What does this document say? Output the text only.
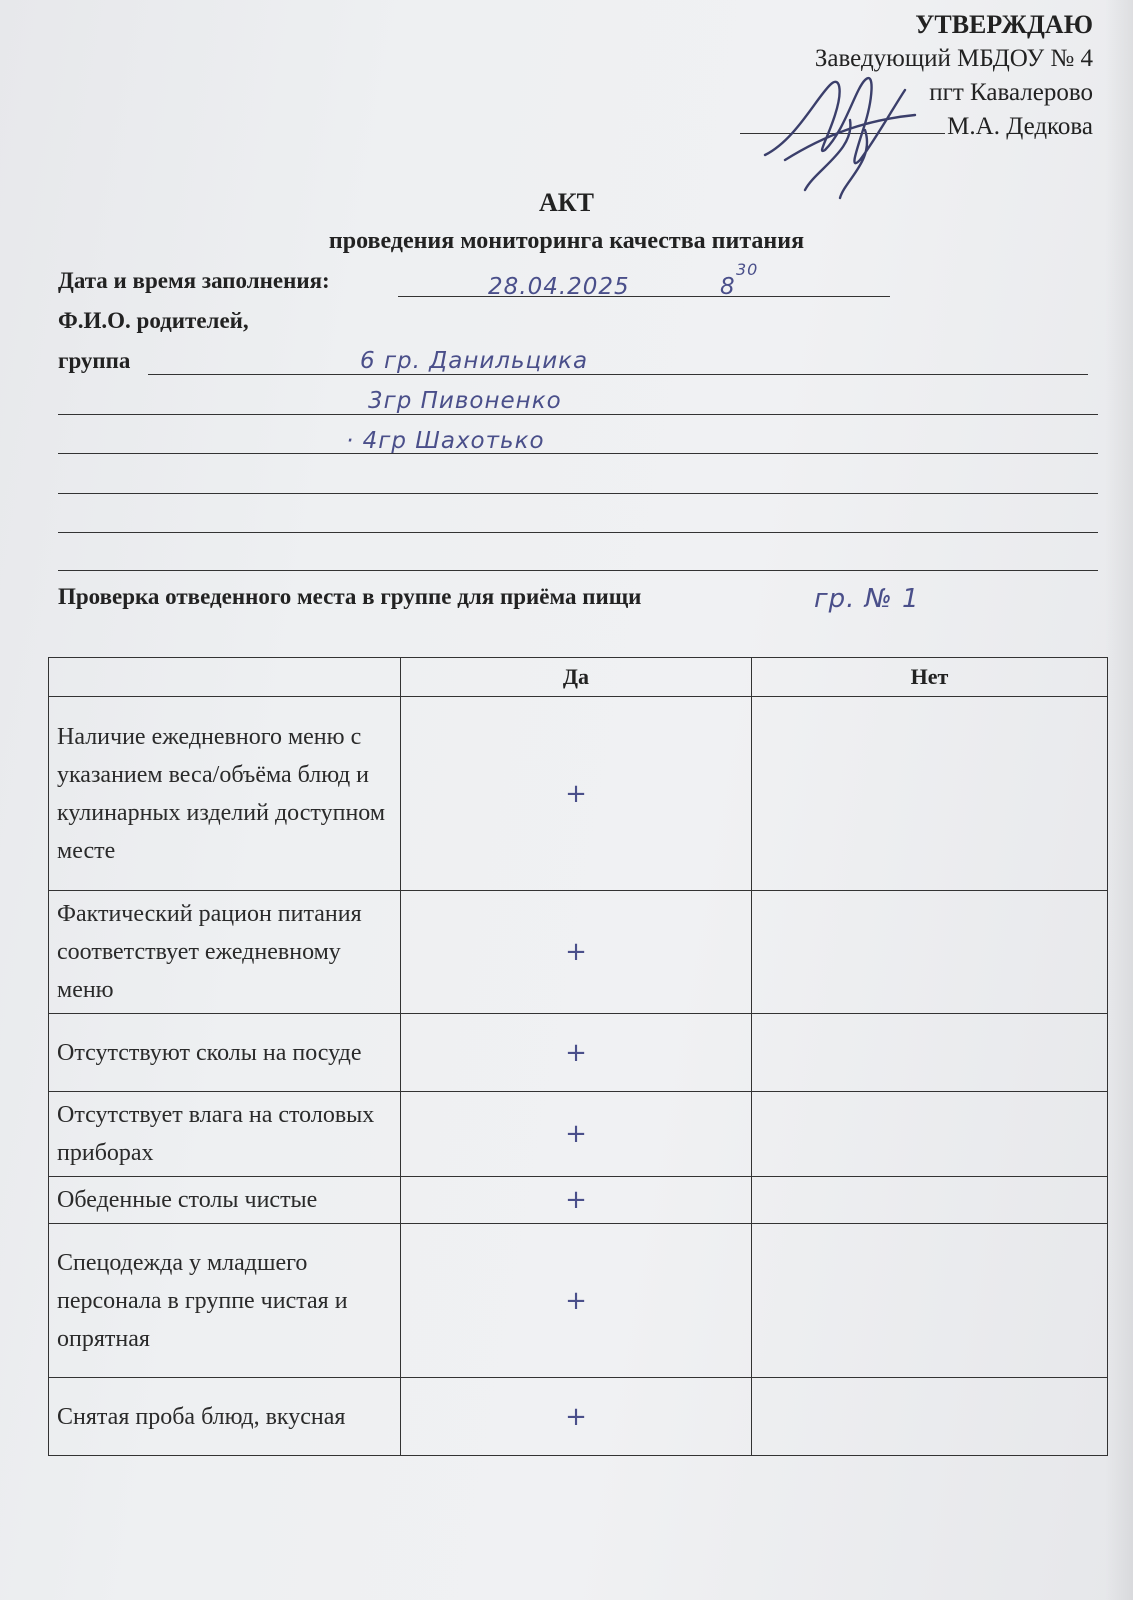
УТВЕРЖДАЮ
Заведующий МБДОУ № 4
пгт Кавалерово
М.А. Дедкова
АКТ
проведения мониторинга качества питания
Дата и время заполнения:	28.04.2025	8
30
Ф.И.О. родителей,
группа	6 гр. Данильцика
3гр Пивоненко
· 4гр Шахотько
Проверка отведенного места в группе для приёма пищи	гр. № 1
	Да	Нет
Наличие ежедневного меню с указанием веса/объёма блюд и кулинарных изделий доступном месте	+	
Фактический рацион питания соответствует ежедневному меню	+	
Отсутствуют сколы на посуде	+	
Отсутствует влага на столовых приборах	+	
Обеденные столы чистые	+	
Спецодежда у младшего персонала в группе чистая и опрятная	+	
Снятая проба блюд, вкусная	+	
